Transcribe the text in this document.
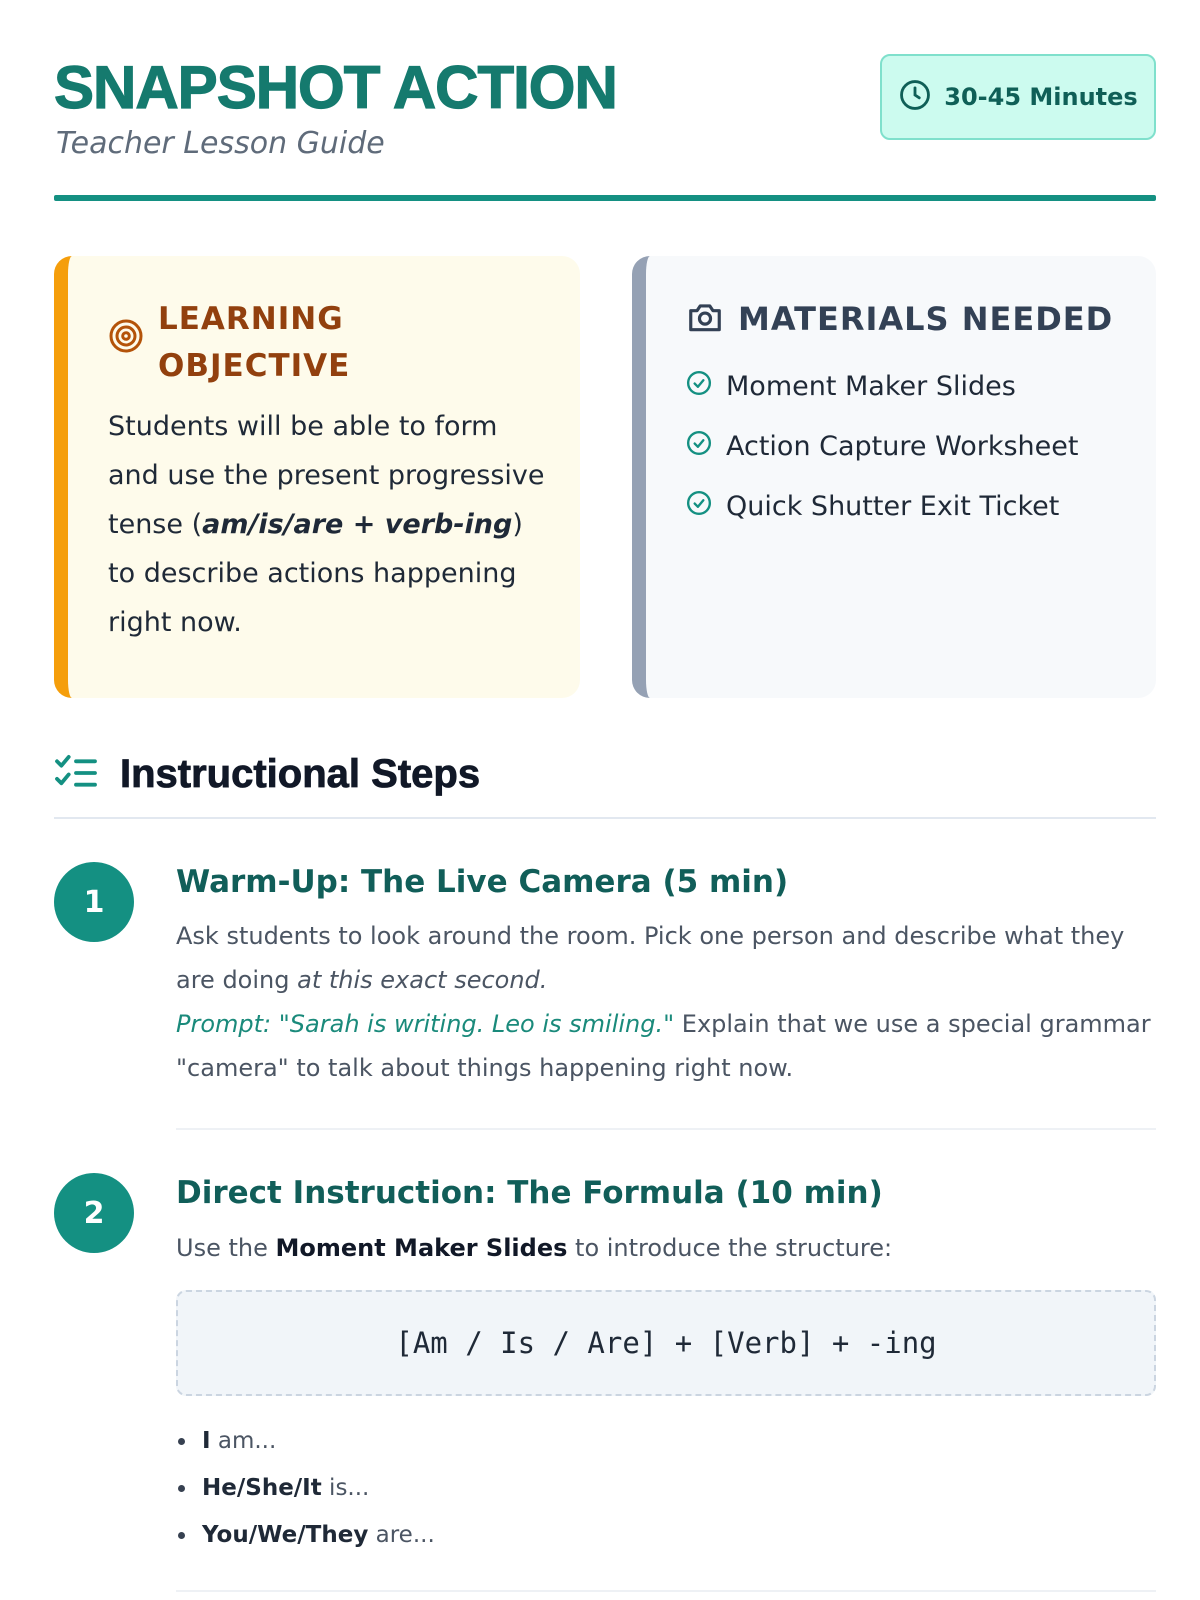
SNAPSHOT ACTION
Teacher Lesson Guide
30-45 Minutes
LEARNING
OBJECTIVE

Students will be able to form and use the present progressive tense (am/is/are + verb-ing) to describe actions happening right now.

MATERIALS NEEDED
Moment Maker Slides
Action Capture Worksheet
Quick Shutter Exit Ticket
Instructional Steps
1
Warm-Up: The Live Camera (5 min)

Ask students to look around the room. Pick one person and describe what they are doing at this exact second.
Prompt: "Sarah is writing. Leo is smiling." Explain that we use a special grammar "camera" to talk about things happening right now.

2
Direct Instruction: The Formula (10 min)

Use the Moment Maker Slides to introduce the structure:

[Am / Is / Are] + [Verb] + -ing
I am...
He/She/It is...
You/We/They are...
